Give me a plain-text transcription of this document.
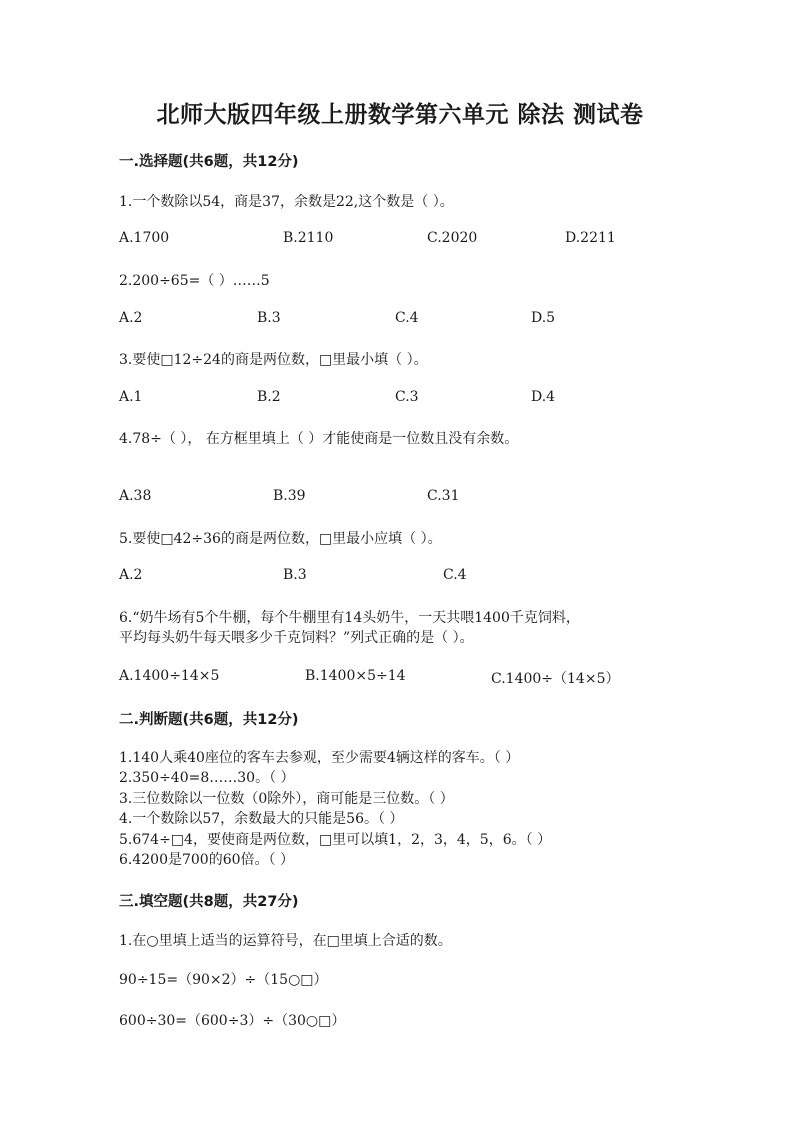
北师大版四年级上册数学第六单元 除法 测试卷
一.选择题(共6题，共12分)
1.一个数除以54，商是37，余数是22,这个数是（ ）。
A.1700	B.2110	C.2020	D.2211
2.200÷65=（ ）……5
A.2	B.3	C.4	D.5
3.要使□12÷24的商是两位数，□里最小填（ ）。
A.1	B.2	C.3	D.4
4.78÷（ ）， 在方框里填上（ ）才能使商是一位数且没有余数。
A.38	B.39	C.31
5.要使□42÷36的商是两位数，□里最小应填（ ）。
A.2	B.3	C.4
6.“奶牛场有5个牛棚，每个牛棚里有14头奶牛，一天共喂1400千克饲料，
平均每头奶牛每天喂多少千克饲料？”列式正确的是（ ）。
A.1400÷14×5	B.1400×5÷14	C.1400÷（14×5）
二.判断题(共6题，共12分)
1.140人乘40座位的客车去参观，至少需要4辆这样的客车。（ ）
2.350÷40=8……30。（ ）
3.三位数除以一位数（0除外），商可能是三位数。（ ）
4.一个数除以57，余数最大的只能是56。（ ）
5.674÷□4，要使商是两位数，□里可以填1，2，3，4，5，6。（ ）
6.4200是700的60倍。（ ）
三.填空题(共8题，共27分)
1.在○里填上适当的运算符号，在□里填上合适的数。
90÷15=（90×2）÷（15○□）
600÷30=（600÷3）÷（30○□）
